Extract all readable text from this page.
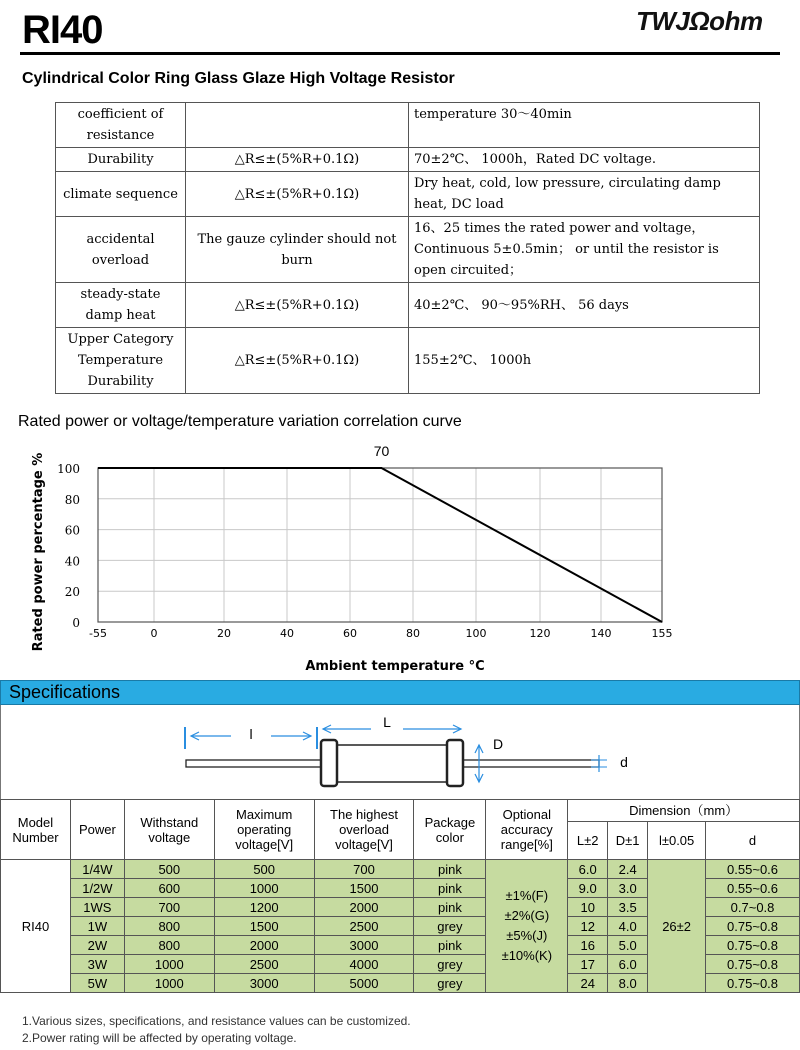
RI40	TWJΩohm
Cylindrical Color Ring Glass Glaze High Voltage Resistor
coefficient of resistance		temperature 30～40min
Durability	△R≤±(5%R+0.1Ω)	70±2℃、 1000h，Rated DC voltage.
climate sequence	△R≤±(5%R+0.1Ω)	Dry heat, cold, low pressure, circulating damp heat, DC load
accidental overload	The gauze cylinder should not burn	16、25 times the rated power and voltage， Continuous 5±0.5min； or until the resistor is open circuited；
steady-state damp heat	△R≤±(5%R+0.1Ω)	40±2℃、 90～95%RH、 56 days
Upper Category Temperature Durability	△R≤±(5%R+0.1Ω)	155±2℃、 1000h
Rated power or voltage/temperature variation correlation curve
0
20
40
60
80
100
-55	0	20	40	60	80	100	120	140	155
70
Ambient temperature °C
Rated power percentage %
Specifications
l
L
D
d
Model Number	Power	Withstand voltage	Maximum operating voltage[V]	The highest overload voltage[V]	Package color	Optional accuracy range[%]	Dimension（mm）			
							L±2	D±1	l±0.05	d
RI40	1/4W	500	500	700	pink	±1%(F)
±2%(G)
±5%(J)
±10%(K)	6.0	2.4	26±2	0.55~0.6
	1/2W	600	1000	1500	pink		9.0	3.0		0.55~0.6
	1WS	700	1200	2000	pink		10	3.5		0.7~0.8
	1W	800	1500	2500	grey		12	4.0		0.75~0.8
	2W	800	2000	3000	pink		16	5.0		0.75~0.8
	3W	1000	2500	4000	grey		17	6.0		0.75~0.8
	5W	1000	3000	5000	grey		24	8.0		0.75~0.8
1.Various sizes, specifications, and resistance values can be customized.
2.Power rating will be affected by operating voltage.
